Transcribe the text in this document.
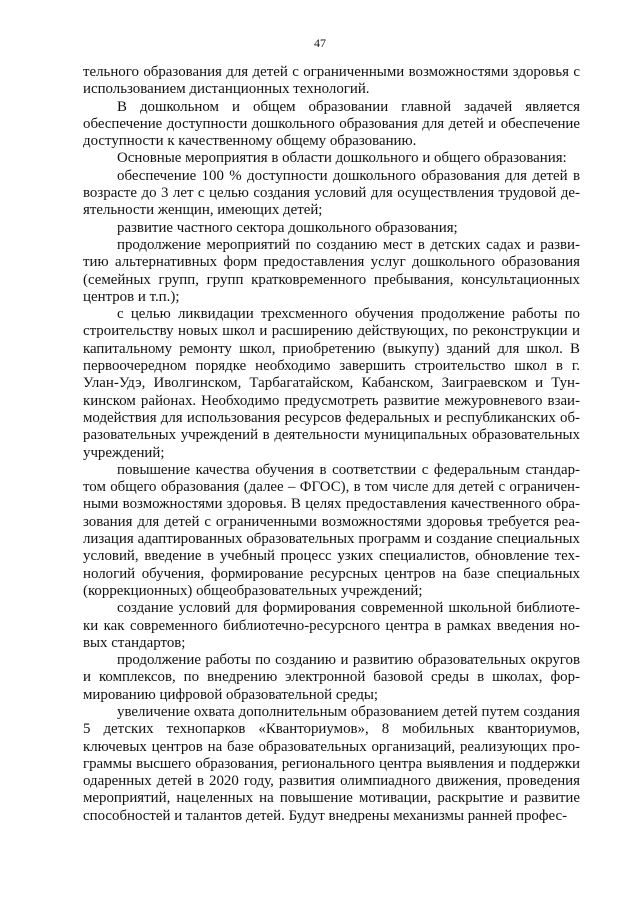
47

тельного образования для детей с ограниченными возможностями здоровья с использованием дистанционных технологий.

В дошкольном и общем образовании главной задачей является обеспечение доступности дошкольного образования для детей и обеспечение доступности к качественному общему образованию.

Основные мероприятия в области дошкольного и общего образования:

обеспечение 100 % доступности дошкольного образования для детей в возрасте до 3 лет с целью создания условий для осуществления трудовой деятельности женщин, имеющих детей;

развитие частного сектора дошкольного образования;

продолжение мероприятий по созданию мест в детских садах и развитию альтернативных форм предоставления услуг дошкольного образования (семейных групп, групп кратковременного пребывания, консультационных центров и т.п.);

с целью ликвидации трехсменного обучения продолжение работы по строительству новых школ и расширению действующих, по реконструкции и капитальному ремонту школ, приобретению (выкупу) зданий для школ. В первоочередном порядке необходимо завершить строительство школ в г. Улан-Удэ, Иволгинском, Тарбагатайском, Кабанском, Заиграевском и Тункинском районах. Необходимо предусмотреть развитие межуровневого взаимодействия для использования ресурсов федеральных и республиканских образовательных учреждений в деятельности муниципальных образовательных учреждений;

повышение качества обучения в соответствии с федеральным стандартом общего образования (далее – ФГОС), в том числе для детей с ограниченными возможностями здоровья. В целях предоставления качественного образования для детей с ограниченными возможностями здоровья требуется реализация адаптированных образовательных программ и создание специальных условий, введение в учебный процесс узких специалистов, обновление технологий обучения, формирование ресурсных центров на базе специальных (коррекционных) общеобразовательных учреждений;

создание условий для формирования современной школьной библиотеки как современного библиотечно-ресурсного центра в рамках введения новых стандартов;

продолжение работы по созданию и развитию образовательных округов и комплексов, по внедрению электронной базовой среды в школах, формированию цифровой образовательной среды;

увеличение охвата дополнительным образованием детей путем создания 5 детских технопарков «Кванториумов», 8 мобильных кванториумов, ключевых центров на базе образовательных организаций, реализующих программы высшего образования, регионального центра выявления и поддержки одаренных детей в 2020 году, развития олимпиадного движения, проведения мероприятий, нацеленных на повышение мотивации, раскрытие и развитие способностей и талантов детей. Будут внедрены механизмы ранней профес-
